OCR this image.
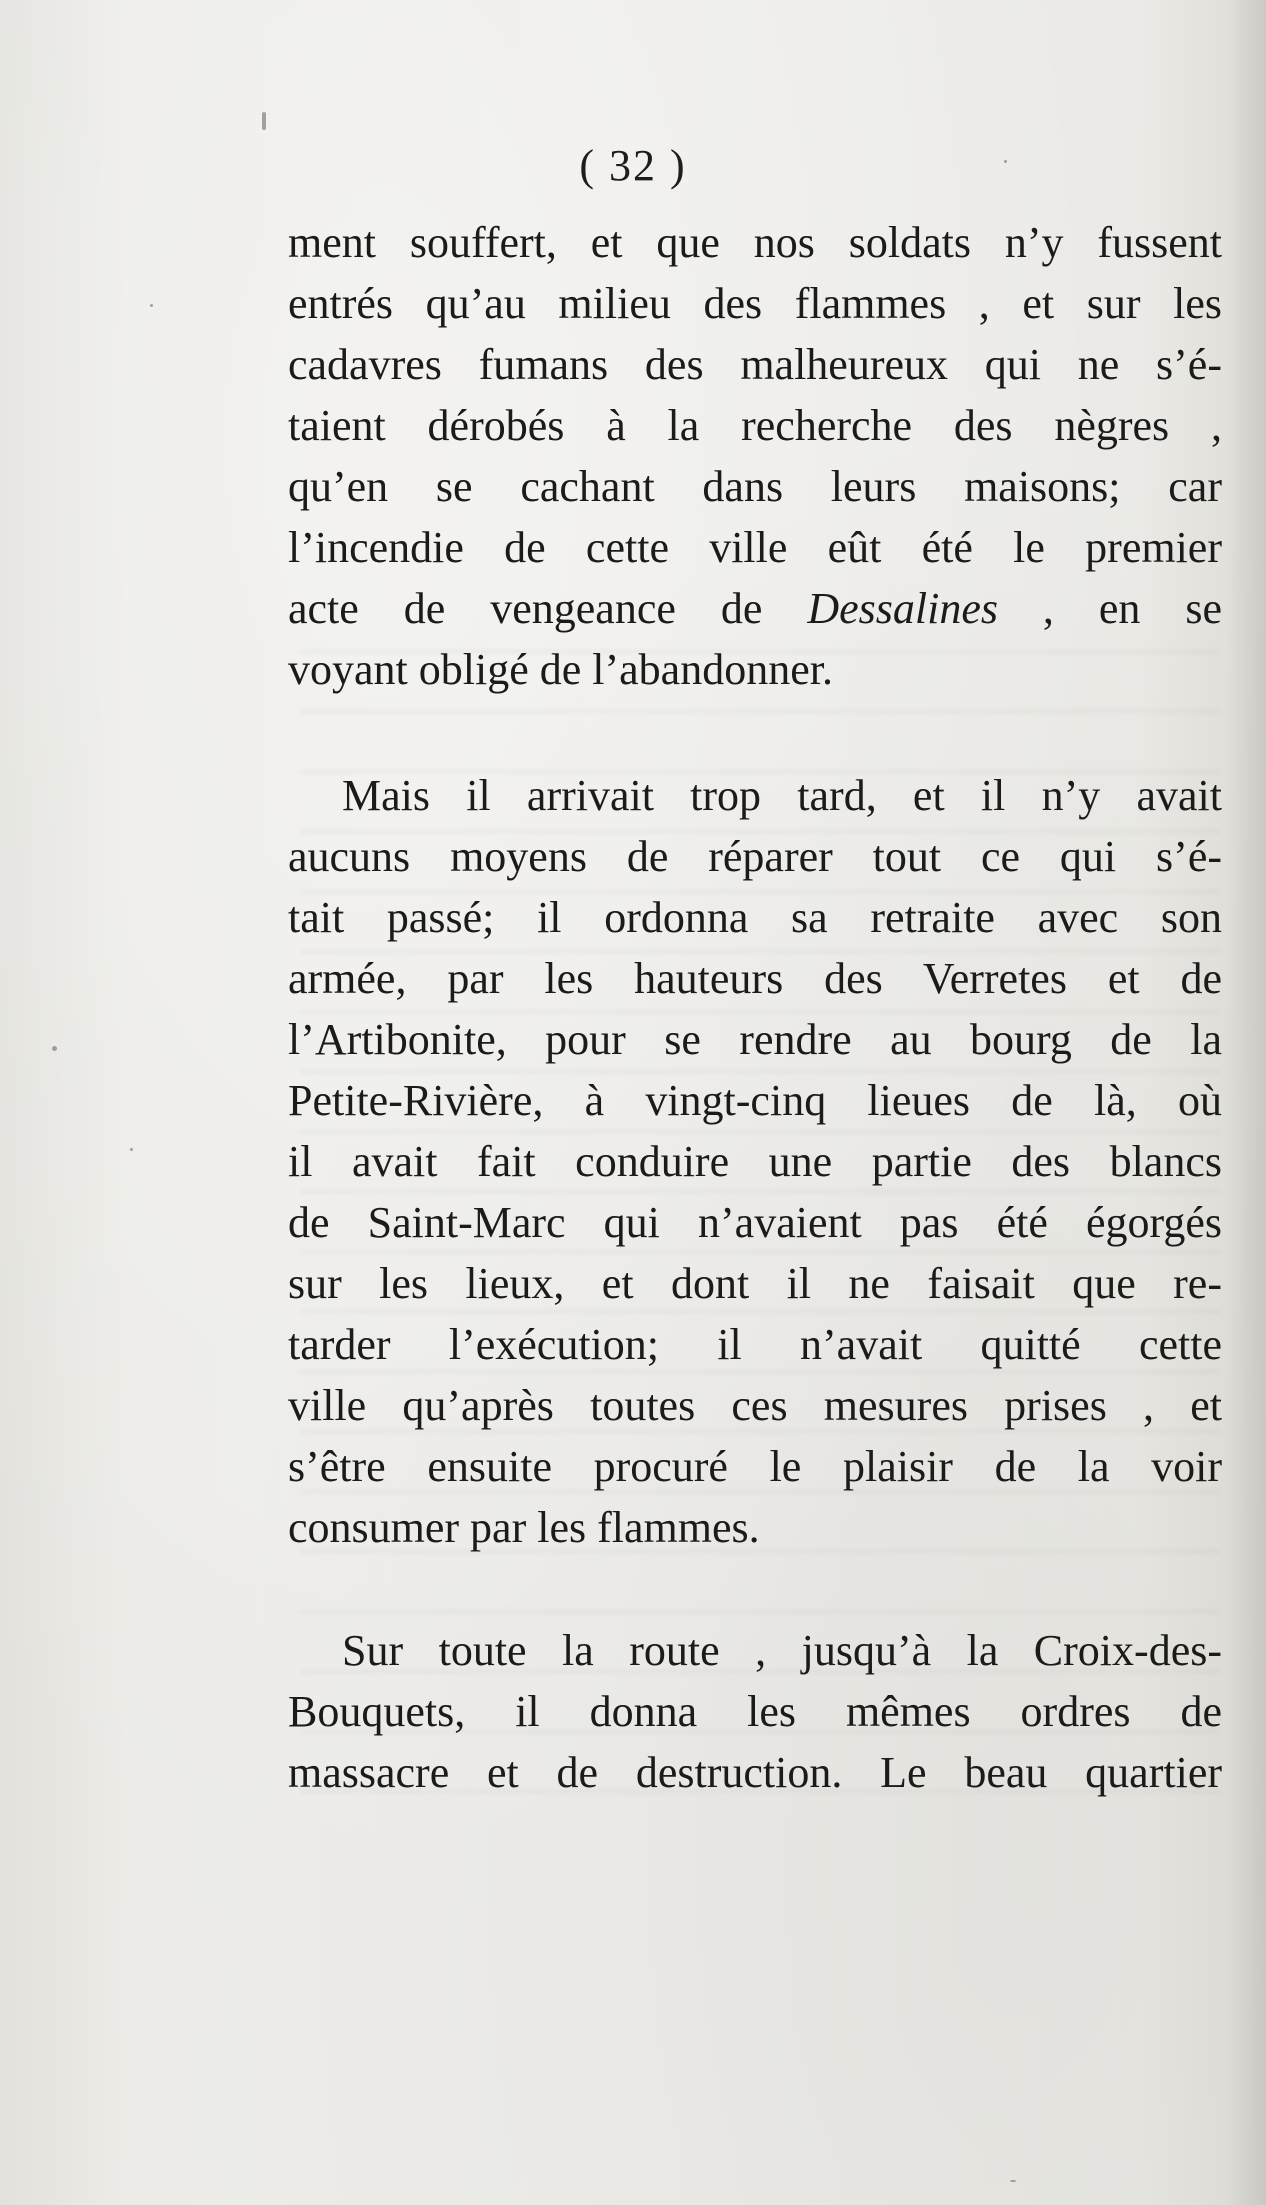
( 32 )
ment souffert, et que nos soldats n’y fussent
entrés qu’au milieu des flammes , et sur les
cadavres fumans des malheureux qui ne s’é-
taient dérobés à la recherche des nègres ,
qu’en se cachant dans leurs maisons; car
l’incendie de cette ville eût été le premier
acte de vengeance de Dessalines , en se
voyant obligé de l’abandonner.
Mais il arrivait trop tard, et il n’y avait
aucuns moyens de réparer tout ce qui s’é-
tait passé; il ordonna sa retraite avec son
armée, par les hauteurs des Verretes et de
l’Artibonite, pour se rendre au bourg de la
Petite-Rivière, à vingt-cinq lieues de là, où
il avait fait conduire une partie des blancs
de Saint-Marc qui n’avaient pas été égorgés
sur les lieux, et dont il ne faisait que re-
tarder l’exécution; il n’avait quitté cette
ville qu’après toutes ces mesures prises , et
s’être ensuite procuré le plaisir de la voir
consumer par les flammes.
Sur toute la route , jusqu’à la Croix-des-
Bouquets, il donna les mêmes ordres de
massacre et de destruction. Le beau quartier
